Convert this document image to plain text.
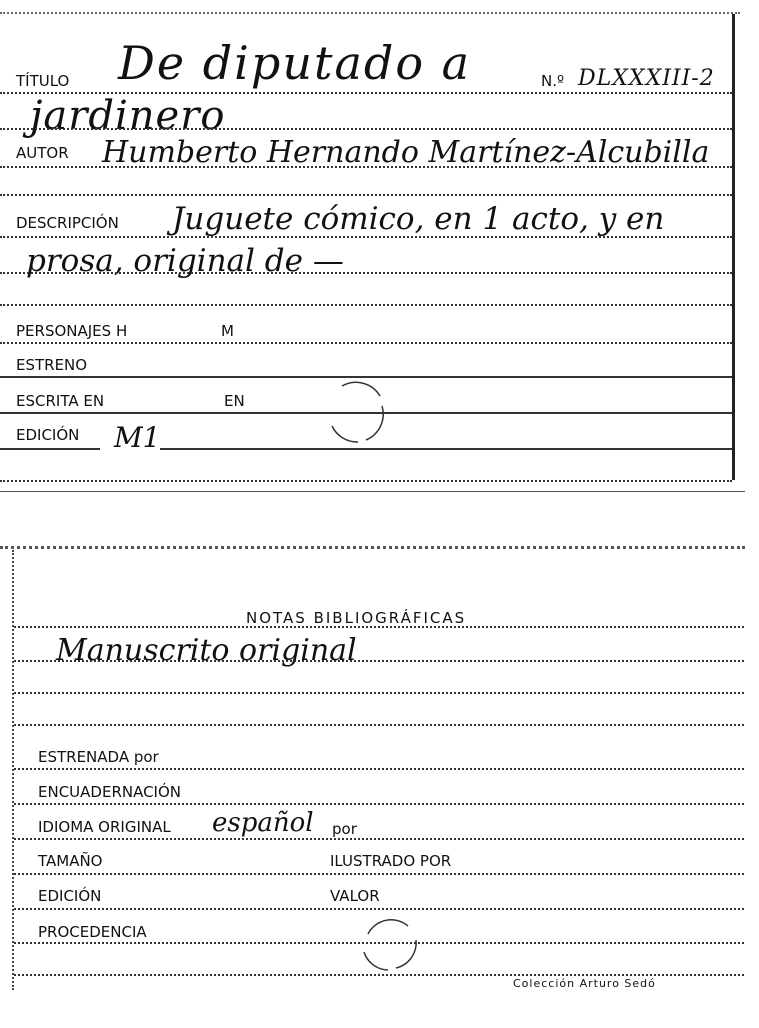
TÍTULO De diputado a	N.º DLXXXIII-2
jardinero
AUTOR Humberto Hernando Martínez-Alcubilla
DESCRIPCIÓN Juguete cómico, en 1 acto, y en
prosa, original de —
PERSONAJES H	M
ESTRENO
ESCRITA EN	EN
EDICIÓN M1
NOTAS BIBLIOGRÁFICAS
Manuscrito original
ESTRENADA por
ENCUADERNACIÓN
IDIOMA ORIGINAL español por
TAMAÑO	ILUSTRADO POR
EDICIÓN	VALOR
PROCEDENCIA
Colección Arturo Sedó
